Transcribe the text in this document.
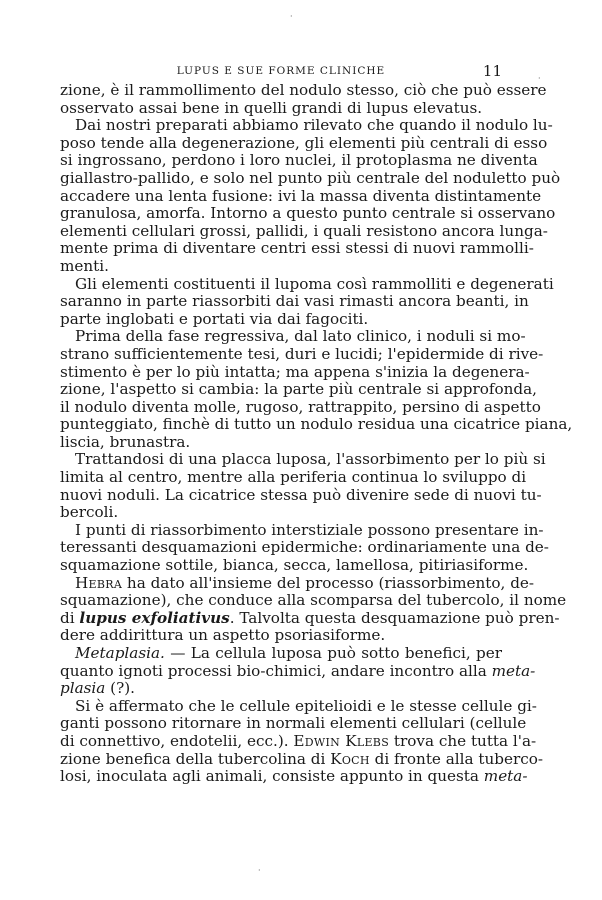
·
·
·
LUPUS E SUE FORME CLINICHE	11
zione, è il rammollimento del nodulo stesso, ciò che può essere
osservato assai bene in quelli grandi di lupus elevatus.
Dai nostri preparati abbiamo rilevato che quando il nodulo lu-
poso tende alla degenerazione, gli elementi più centrali di esso
si ingrossano, perdono i loro nuclei, il protoplasma ne diventa
giallastro-pallido, e solo nel punto più centrale del noduletto può
accadere una lenta fusione: ivi la massa diventa distintamente
granulosa, amorfa. Intorno a questo punto centrale si osservano
elementi cellulari grossi, pallidi, i quali resistono ancora lunga-
mente prima di diventare centri essi stessi di nuovi rammolli-
menti.
Gli elementi costituenti il lupoma così rammolliti e degenerati
saranno in parte riassorbiti dai vasi rimasti ancora beanti, in
parte inglobati e portati via dai fagociti.
Prima della fase regressiva, dal lato clinico, i noduli si mo-
strano sufficientemente tesi, duri e lucidi; l'epidermide di rive-
stimento è per lo più intatta; ma appena s'inizia la degenera-
zione, l'aspetto si cambia: la parte più centrale si approfonda,
il nodulo diventa molle, rugoso, rattrappito, persino di aspetto
punteggiato, finchè di tutto un nodulo residua una cicatrice piana,
liscia, brunastra.
Trattandosi di una placca luposa, l'assorbimento per lo più si
limita al centro, mentre alla periferia continua lo sviluppo di
nuovi noduli. La cicatrice stessa può divenire sede di nuovi tu-
bercoli.
I punti di riassorbimento interstiziale possono presentare in-
teressanti desquamazioni epidermiche: ordinariamente una de-
squamazione sottile, bianca, secca, lamellosa, pitiriasiforme.
Hebra ha dato all'insieme del processo (riassorbimento, de-
squamazione), che conduce alla scomparsa del tubercolo, il nome
di lupus exfoliativus. Talvolta questa desquamazione può pren-
dere addirittura un aspetto psoriasiforme.
Metaplasia. — La cellula luposa può sotto benefici, per
quanto ignoti processi bio-chimici, andare incontro alla meta-
plasia (?).
Si è affermato che le cellule epitelioidi e le stesse cellule gi-
ganti possono ritornare in normali elementi cellulari (cellule
di connettivo, endotelii, ecc.). Edwin Klebs trova che tutta l'a-
zione benefica della tubercolina di Koch di fronte alla tuberco-
losi, inoculata agli animali, consiste appunto in questa meta-
